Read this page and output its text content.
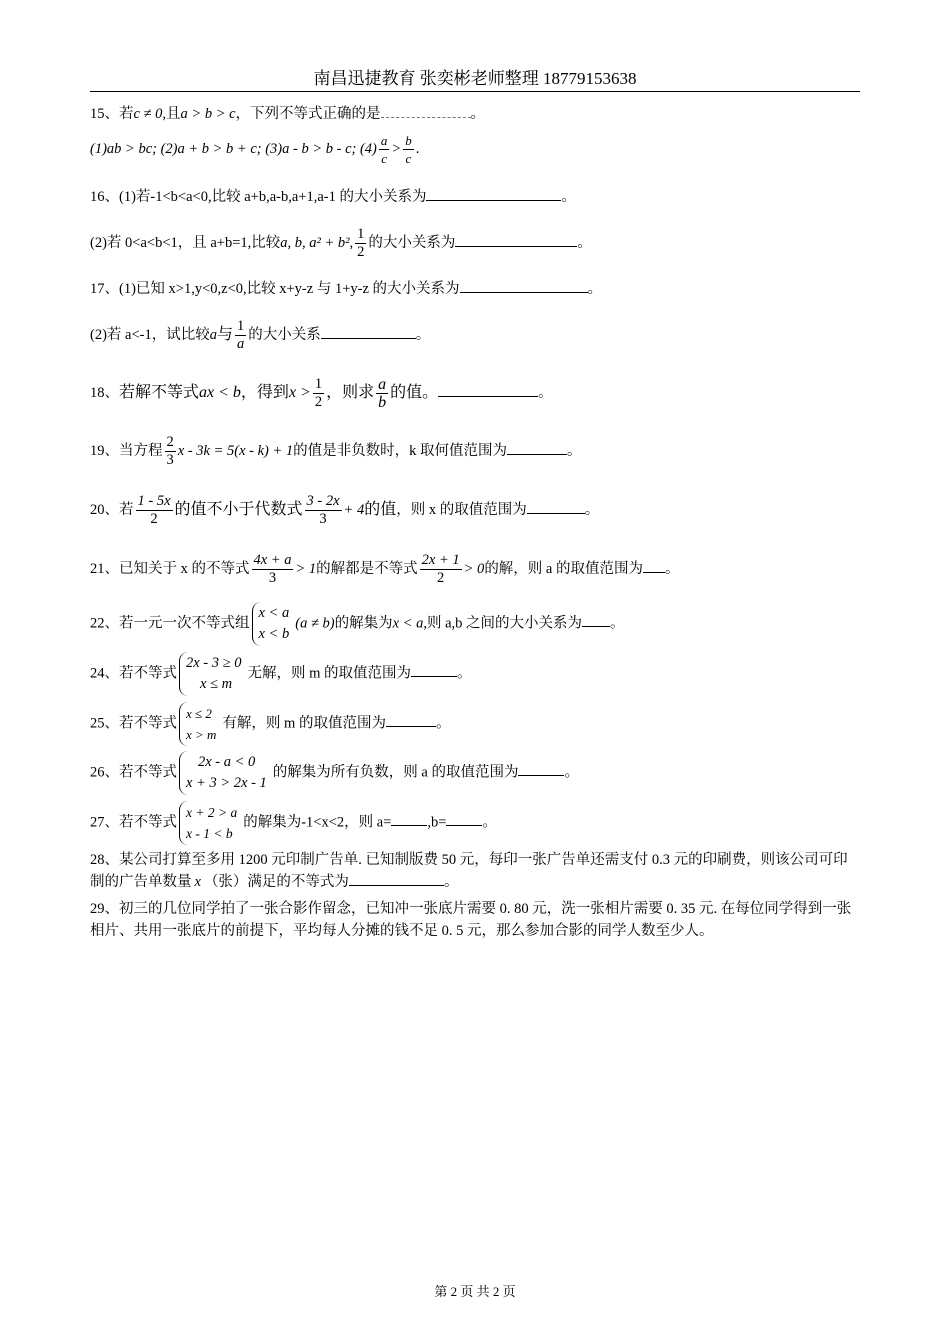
南昌迅捷教育 张奕彬老师整理 18779153638
15、若c ≠ 0,且a > b > c，下列不等式正确的是	。
(1)ab > bc; (2)a + b > b + c; (3)a - b > b - c; $(4) \frac{a}{c} > \frac{b}{c}$ .
16、(1)若-1<b<a<0,比较 a+b,a-b,a+1,a-1 的大小关系为	。
(2)若 0<a<b<1，且 a+b=1,比较a, b, a² + b², $\frac{1}{2}$ 的大小关系为	。
17、(1)已知 x>1,y<0,z<0,比较 x+y-z 与 1+y-z 的大小关系为	。
(2)若 a<-1，试比较a与 $\frac{1}{a}$ 的大小关系	。
18、若解不等式ax < b，得到$x > \frac{1}{2}$ ，则求 $\frac{a}{b}$ 的值。	。
19、当方程 $\frac{2}{3}$ x - 3k = 5(x - k) + 1的值是非负数时，k 取何值范围为	。
20、若 $\frac{1 - 5x}{2}$ 的值不小于代数式 $\frac{3 - 2x}{3} + 4$的值，则 x 的取值范围为	。
21、已知关于 x 的不等式 $\frac{4x + a}{3} > 1$的解都是不等式 $\frac{2x + 1}{2} > 0$的解，则 a 的取值范围为 。
22、若一元一次不等式组
x < a
x < b
(a ≠ b)的解集为x < a,则 a,b 之间的大小关系为 。
24、若不等式
2x - 3 ≥ 0
x ≤ m
无解，则 m 的取值范围为	。
25、若不等式
x ≤ 2
x > m
有解，则 m 的取值范围为	。
26、若不等式
2x - a < 0
x + 3 > 2x - 1
的解集为所有负数，则 a 的取值范围为	。
27、若不等式
x + 2 > a
x - 1 < b
的解集为-1<x<2，则 a= ,b= 。
28、某公司打算至多用 1200 元印制广告单. 已知制版费 50 元，每印一张广告单还需支付 0.3 元的印刷费，则该公司可印制的广告单数量 x （张）满足的不等式为	。
29、初三的几位同学拍了一张合影作留念，已知冲一张底片需要 0. 80 元，洗一张相片需要 0. 35 元. 在每位同学得到一张相片、共用一张底片的前提下，平均每人分摊的钱不足 0. 5 元，那么参加合影的同学人数至少人。
第 2 页 共 2 页
